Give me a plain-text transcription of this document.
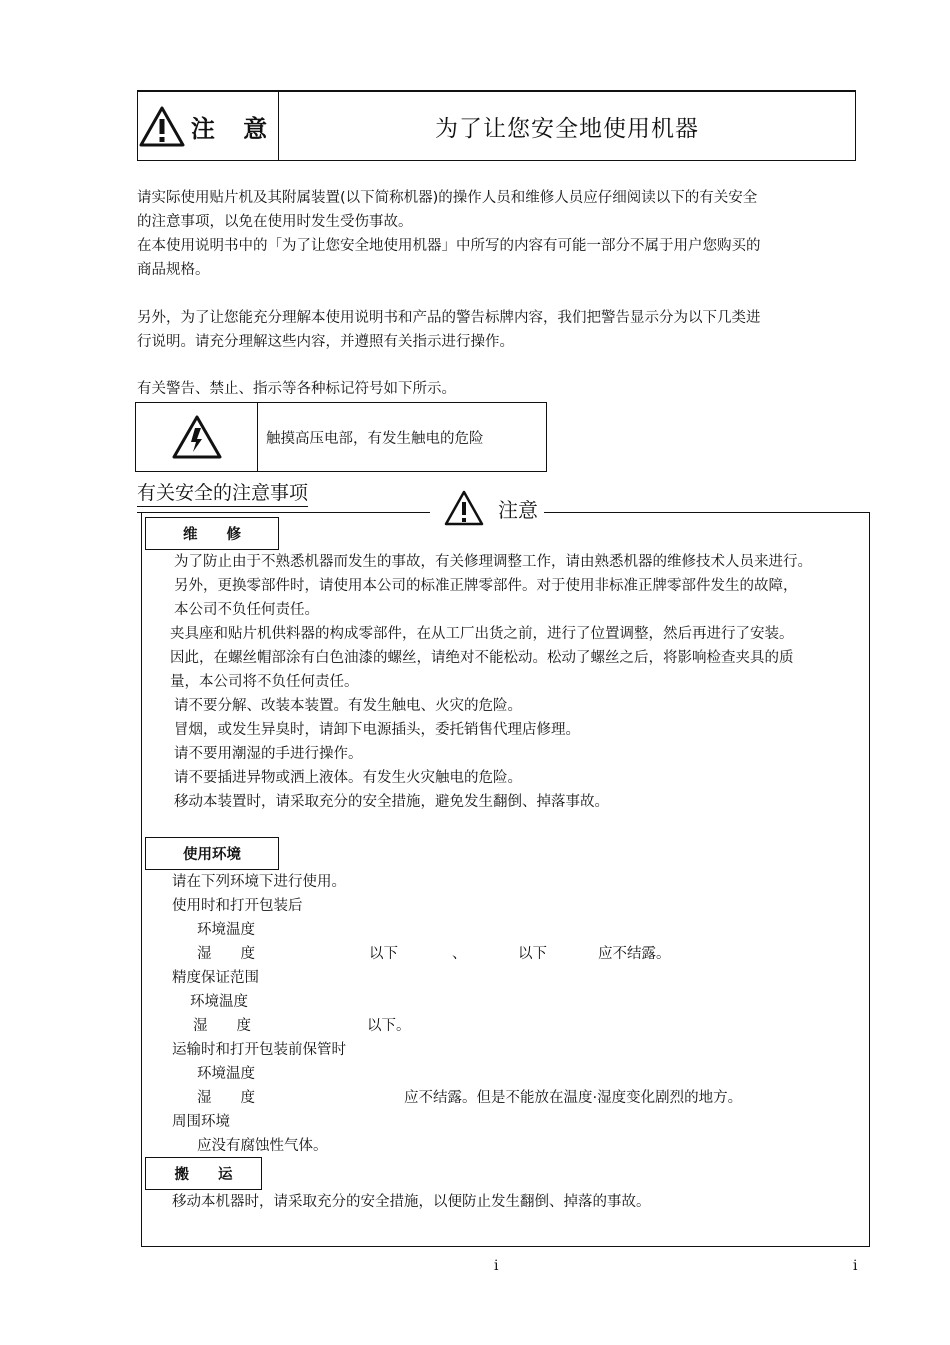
注 意	为了让您安全地使用机器
请实际使用贴片机及其附属装置(以下简称机器)的操作人员和维修人员应仔细阅读以下的有关安全
的注意事项，以免在使用时发生受伤事故。
在本使用说明书中的「为了让您安全地使用机器」中所写的内容有可能一部分不属于用户您购买的
商品规格。
另外，为了让您能充分理解本使用说明书和产品的警告标牌内容，我们把警告显示分为以下几类进
行说明。请充分理解这些内容，并遵照有关指示进行操作。
有关警告、禁止、指示等各种标记符号如下所示。
触摸高压电部，有发生触电的危险
有关安全的注意事项
注意
维　　修
为了防止由于不熟悉机器而发生的事故，有关修理调整工作，请由熟悉机器的维修技术人员来进行。
另外，更换零部件时，请使用本公司的标准正牌零部件。对于使用非标准正牌零部件发生的故障，
本公司不负任何责任。
夹具座和贴片机供料器的构成零部件，在从工厂出货之前，进行了位置调整，然后再进行了安装。
因此，在螺丝帽部涂有白色油漆的螺丝，请绝对不能松动。松动了螺丝之后，将影响检查夹具的质
量，本公司将不负任何责任。
请不要分解、改装本装置。有发生触电、火灾的危险。
冒烟，或发生异臭时，请卸下电源插头，委托销售代理店修理。
请不要用潮湿的手进行操作。
请不要插进异物或洒上液体。有发生火灾触电的危险。
移动本装置时，请采取充分的安全措施，避免发生翻倒、掉落事故。
使用环境
请在下列环境下进行使用。
使用时和打开包装后
环境温度
湿　　度	以下	、	以下	应不结露。
精度保证范围
环境温度
湿　　度	以下。
运输时和打开包装前保管时
环境温度
湿　　度	应不结露。但是不能放在温度·湿度变化剧烈的地方。
周围环境
应没有腐蚀性气体。
搬　　运
移动本机器时，请采取充分的安全措施，以便防止发生翻倒、掉落的事故。
i	i
